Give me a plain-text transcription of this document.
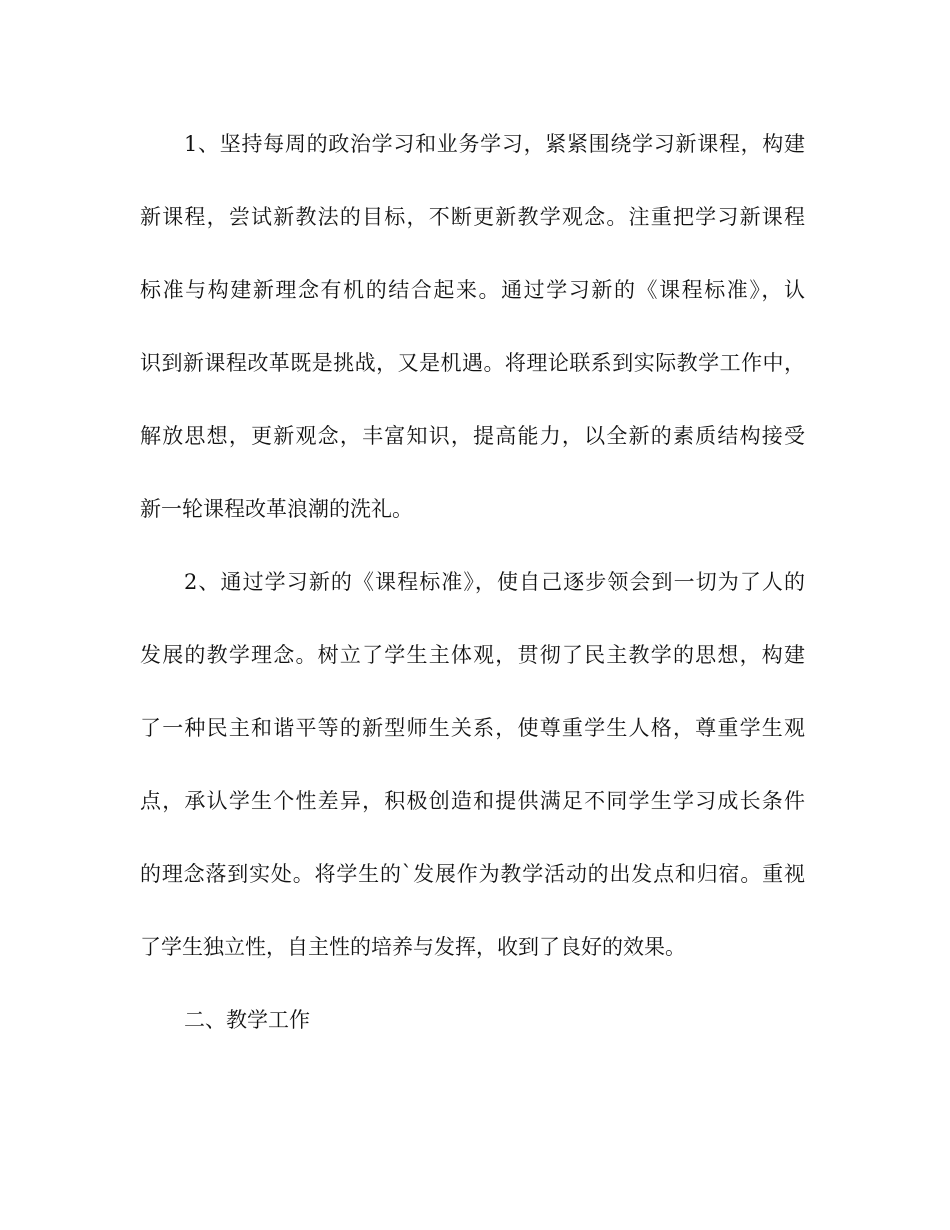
1、坚持每周的政治学习和业务学习，紧紧围绕学习新课程，构建
新课程，尝试新教法的目标，不断更新教学观念。注重把学习新课程
标准与构建新理念有机的结合起来。通过学习新的《课程标准》，认
识到新课程改革既是挑战，又是机遇。将理论联系到实际教学工作中，
解放思想，更新观念，丰富知识，提高能力，以全新的素质结构接受
新一轮课程改革浪潮的洗礼。
2、通过学习新的《课程标准》，使自己逐步领会到一切为了人的
发展的教学理念。树立了学生主体观，贯彻了民主教学的思想，构建
了一种民主和谐平等的新型师生关系，使尊重学生人格，尊重学生观
点，承认学生个性差异，积极创造和提供满足不同学生学习成长条件
的理念落到实处。将学生的`发展作为教学活动的出发点和归宿。重视
了学生独立性，自主性的培养与发挥，收到了良好的效果。
二、教学工作
